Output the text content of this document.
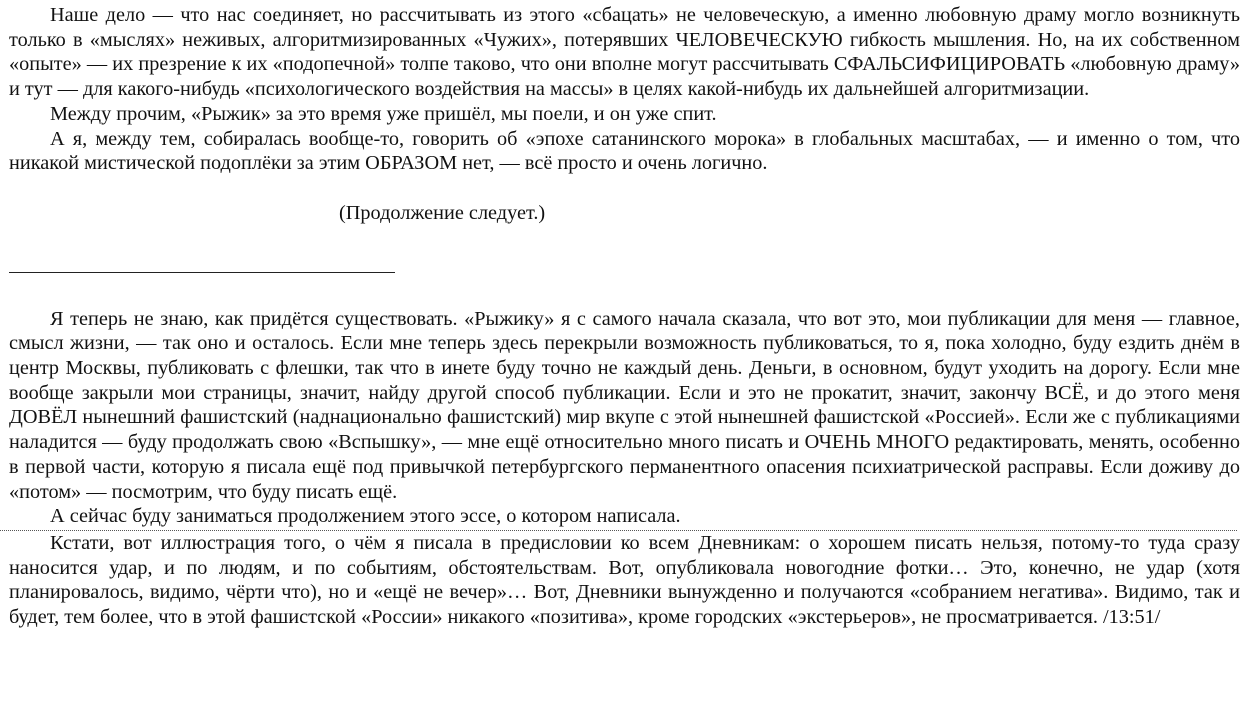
Наше дело — что нас соединяет, но рассчитывать из этого «сбацать» не человеческую, а именно любовную драму могло возникнуть только в «мыслях» неживых, алгоритмизированных «Чужих», потерявших ЧЕЛОВЕЧЕСКУЮ гибкость мышления. Но, на их собственном «опыте» — их презрение к их «подопечной» толпе таково, что они вполне могут рассчитывать СФАЛЬСИФИЦИРОВАТЬ «любовную драму» и тут — для какого-нибудь «психологического воздействия на массы» в целях какой-нибудь их дальнейшей алгоритмизации.

Между прочим, «Рыжик» за это время уже пришёл, мы поели, и он уже спит.

А я, между тем, собиралась вообще-то, говорить об «эпохе сатанинского морока» в глобальных масштабах, — и именно о том, что никакой мистической подоплёки за этим ОБРАЗОМ нет, — всё просто и очень логично.

(Продолжение следует.)

Я теперь не знаю, как придётся существовать. «Рыжику» я с самого начала сказала, что вот это, мои публикации для меня — главное, смысл жизни, — так оно и осталось. Если мне теперь здесь перекрыли возможность публиковаться, то я, пока холодно, буду ездить днём в центр Москвы, публиковать с флешки, так что в инете буду точно не каждый день. Деньги, в основном, будут уходить на дорогу. Если мне вообще закрыли мои страницы, значит, найду другой способ публикации. Если и это не прокатит, значит, закончу ВСЁ, и до этого меня ДОВЁЛ нынешний фашистский (наднационально фашистский) мир вкупе с этой нынешней фашистской «Россией». Если же с публикациями наладится — буду продолжать свою «Вспышку», — мне ещё относительно много писать и ОЧЕНЬ МНОГО редактировать, менять, особенно в первой части, которую я писала ещё под привычкой петербургского перманентного опасения психиатрической расправы. Если доживу до «потом» — посмотрим, что буду писать ещё.

А сейчас буду заниматься продолжением этого эссе, о котором написала.

Кстати, вот иллюстрация того, о чём я писала в предисловии ко всем Дневникам: о хорошем писать нельзя, потому-то туда сразу наносится удар, и по людям, и по событиям, обстоятельствам. Вот, опубликовала новогодние фотки… Это, конечно, не удар (хотя планировалось, видимо, чёрти что), но и «ещё не вечер»… Вот, Дневники вынужденно и получаются «собранием негатива». Видимо, так и будет, тем более, что в этой фашистской «России» никакого «позитива», кроме городских «экстерьеров», не просматривается. /13:51/
